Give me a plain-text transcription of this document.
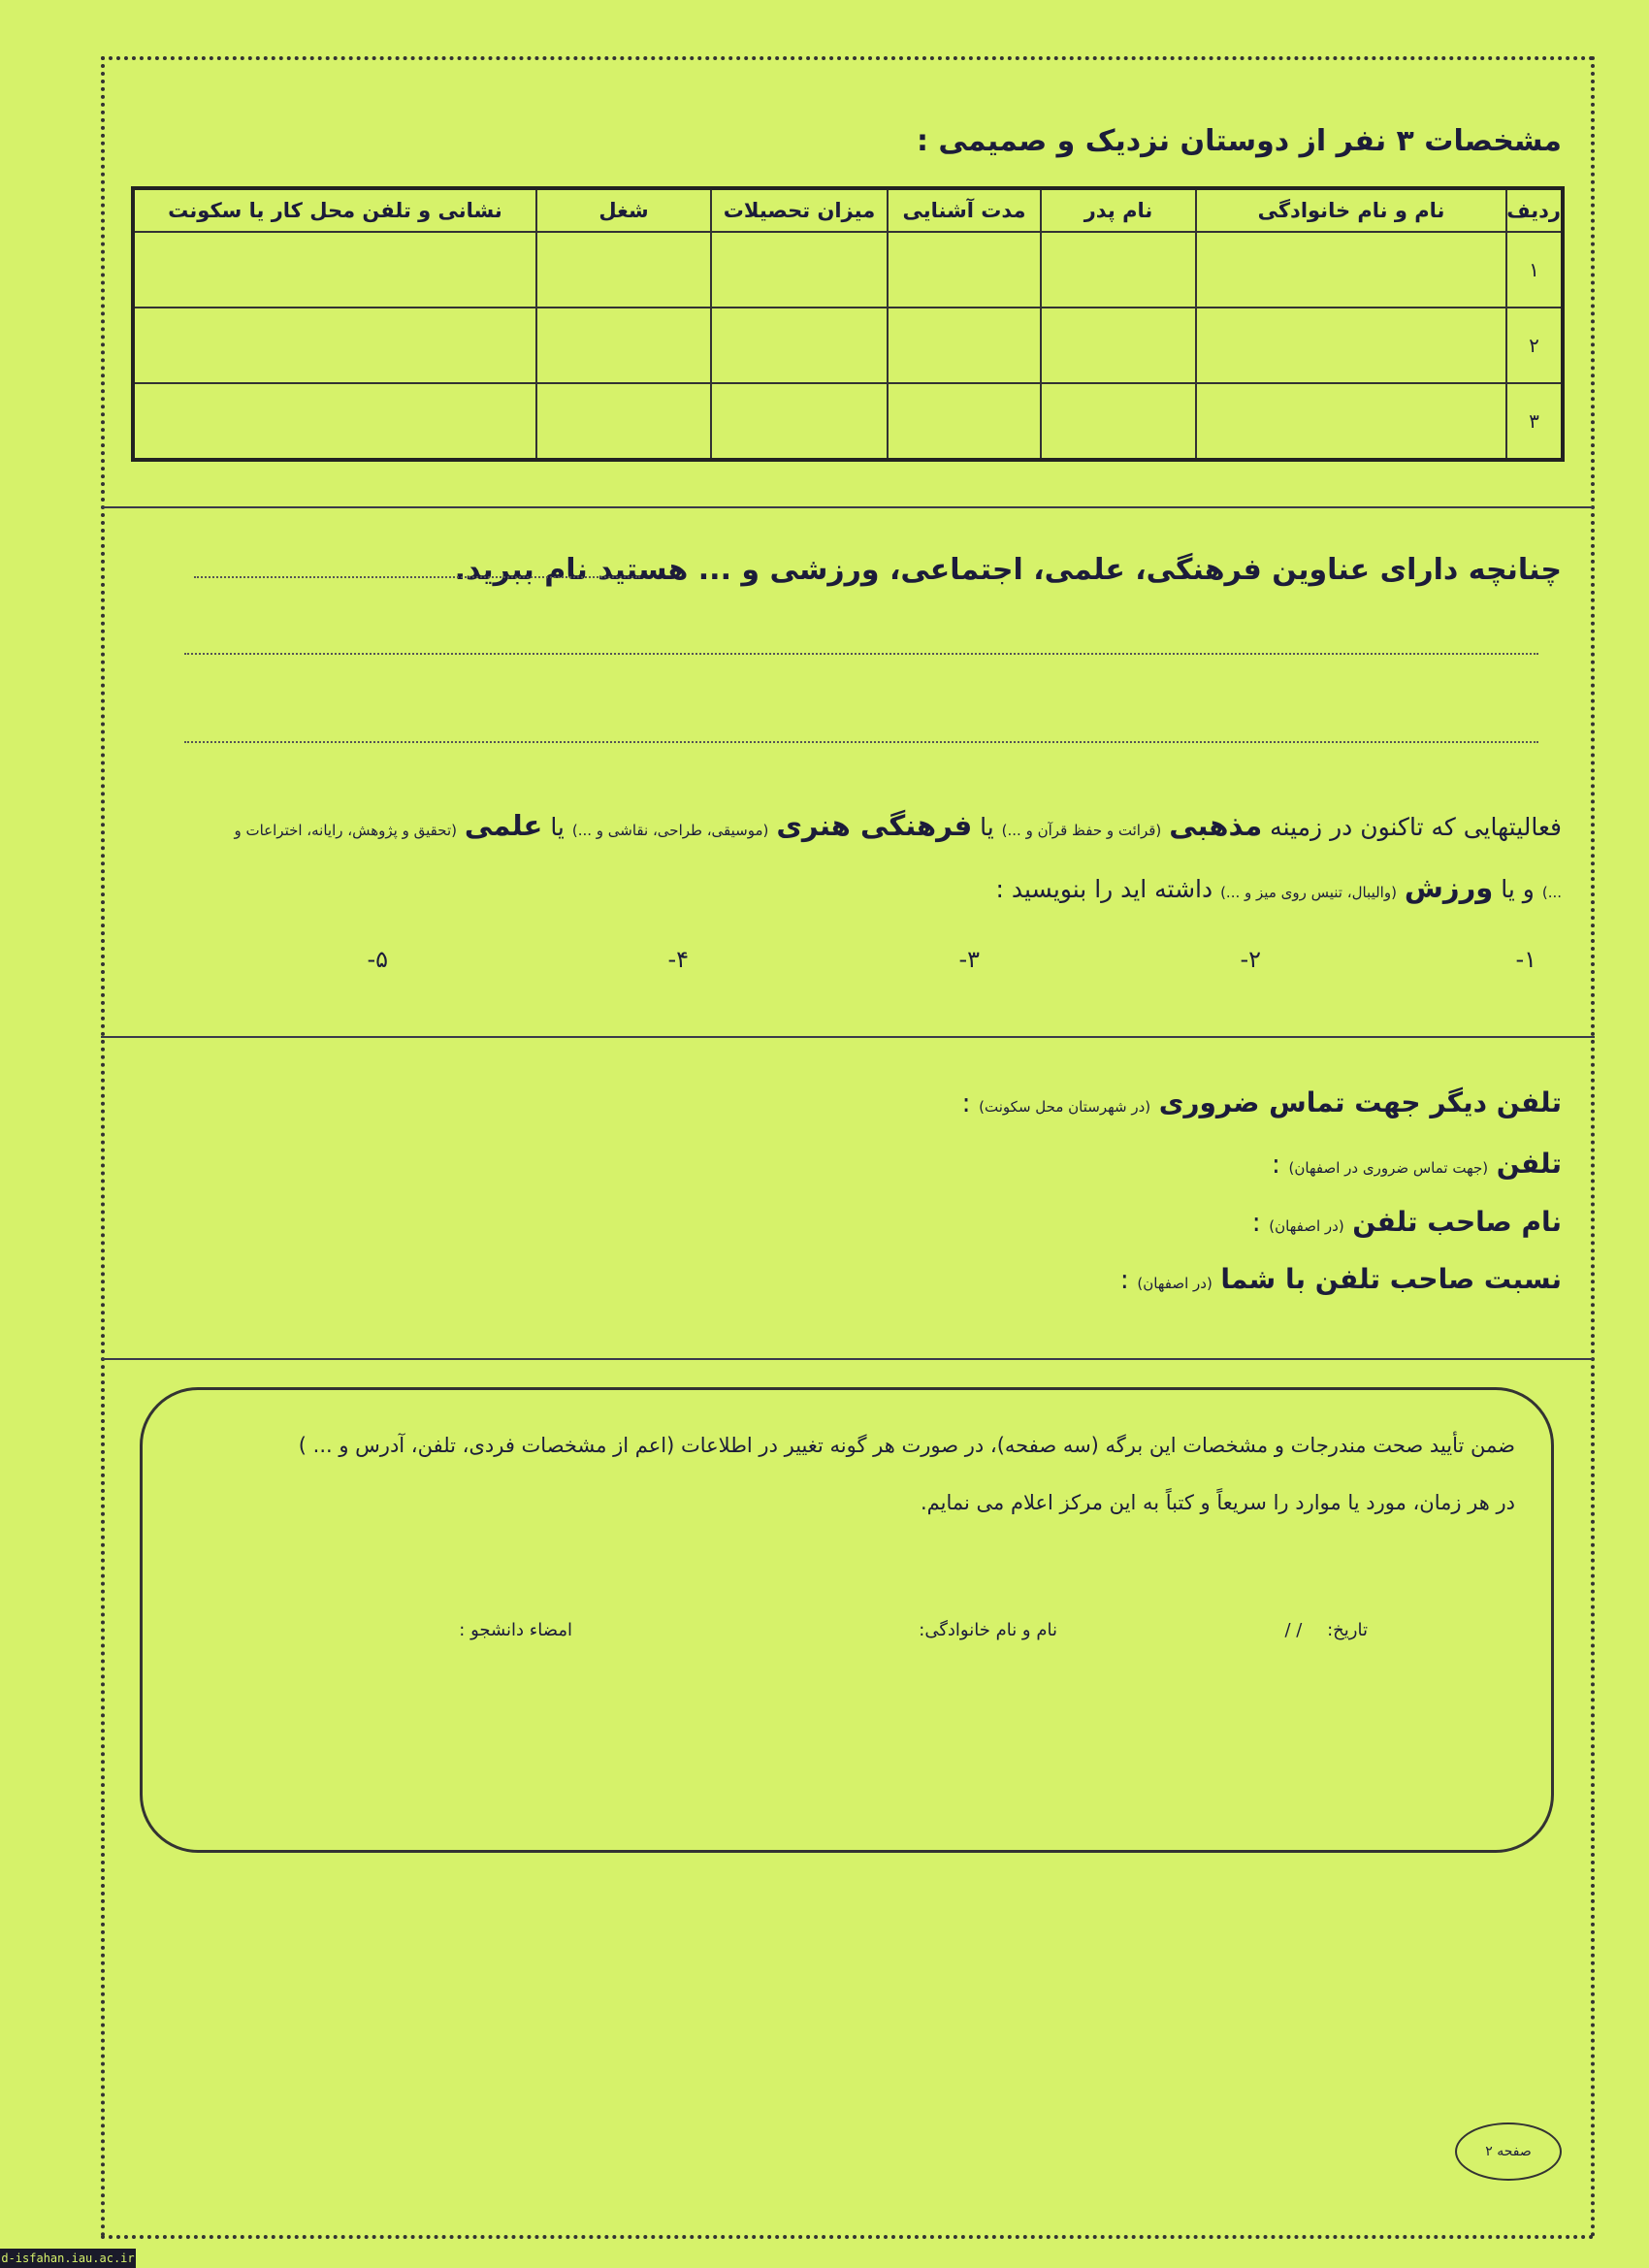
مشخصات ۳ نفر از دوستان نزدیک و صمیمی :
ردیف	نام و نام خانوادگی	نام پدر	مدت آشنایی	میزان تحصیلات	شغل	نشانی و تلفن محل کار یا سکونت
۱						
۲						
۳						
چنانچه دارای عناوین فرهنگی، علمی، اجتماعی، ورزشی و ... هستید نام ببرید.
فعالیتهایی که تاکنون در زمینه مذهبی (قرائت و حفظ قرآن و ...) یا فرهنگی هنری (موسیقی، طراحی، نقاشی و ...) یا علمی (تحقیق و پژوهش، رایانه، اختراعات و
...) و یا ورزش (والیبال، تنیس روی میز و ...) داشته اید را بنویسید :
۱-
۲-
۳-
۴-
۵-
تلفن دیگر جهت تماس ضروری (در شهرستان محل سکونت) :
تلفن (جهت تماس ضروری در اصفهان) :
نام صاحب تلفن (در اصفهان) :
نسبت صاحب تلفن با شما (در اصفهان) :
ضمن تأیید صحت مندرجات و مشخصات این برگه (سه صفحه)، در صورت هر گونه تغییر در اطلاعات (اعم از مشخصات فردی، تلفن، آدرس و ... )
در هر زمان، مورد یا موارد را سریعاً و کتباً به این مرکز اعلام می نمایم.
تاریخ: / /
نام و نام خانوادگی:
امضاء دانشجو :
صفحه ۲
d-isfahan.iau.ac.ir
